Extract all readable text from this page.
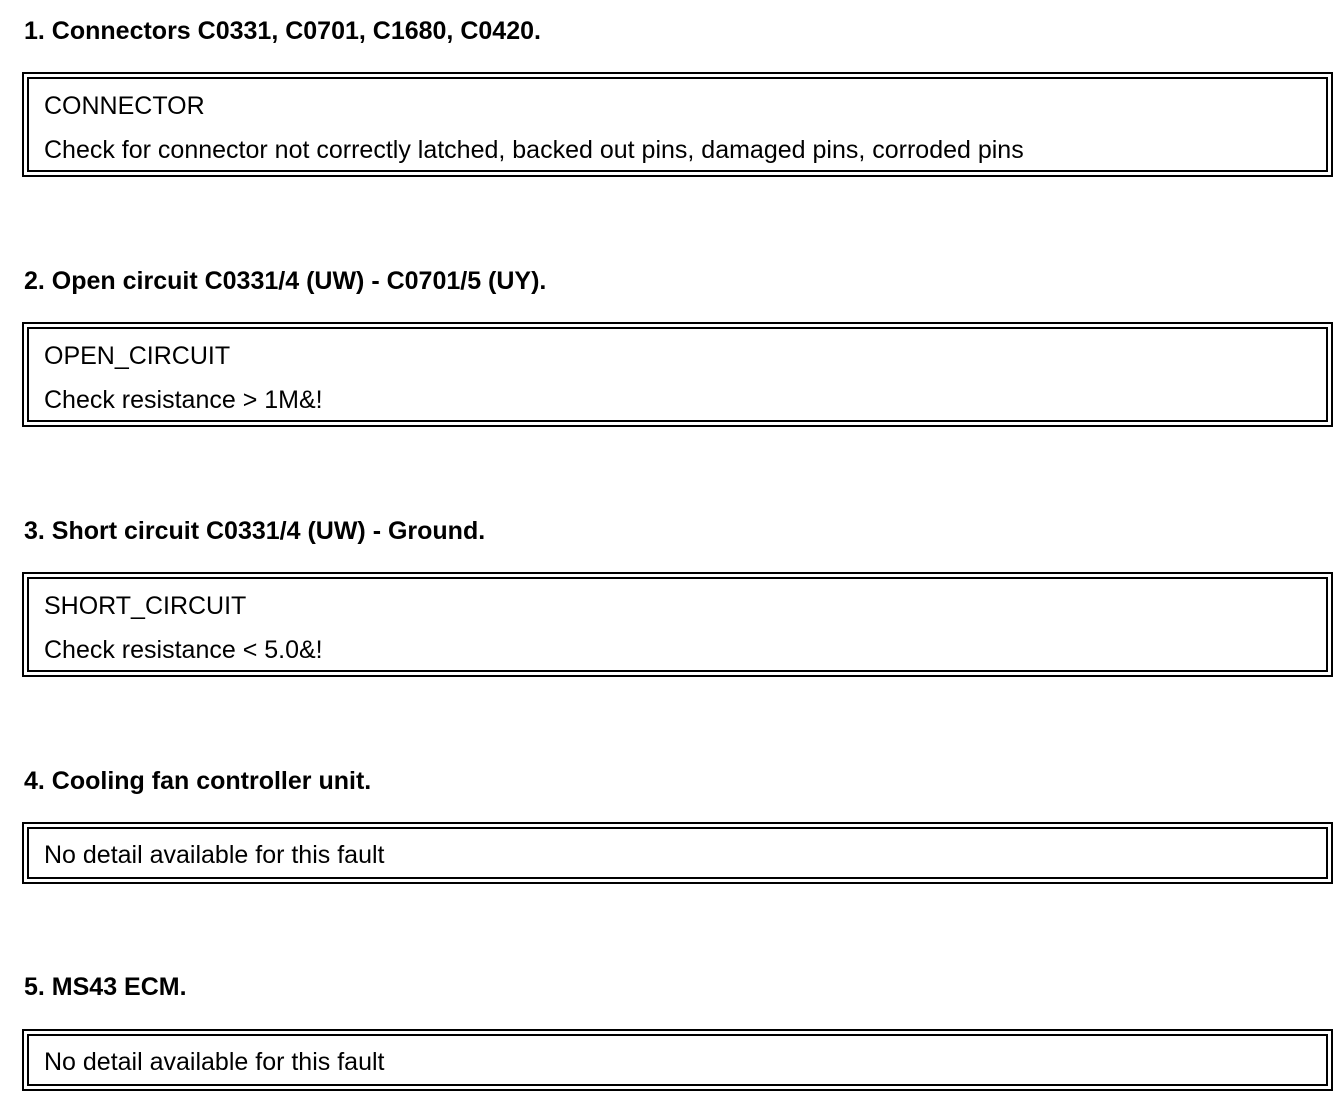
1. Connectors C0331, C0701, C1680, C0420.
CONNECTOR
Check for connector not correctly latched, backed out pins, damaged pins, corroded pins
2. Open circuit C0331/4 (UW) - C0701/5 (UY).
OPEN_CIRCUIT
Check resistance > 1M&!
3. Short circuit C0331/4 (UW) - Ground.
SHORT_CIRCUIT
Check resistance < 5.0&!
4. Cooling fan controller unit.
No detail available for this fault
5. MS43 ECM.
No detail available for this fault
